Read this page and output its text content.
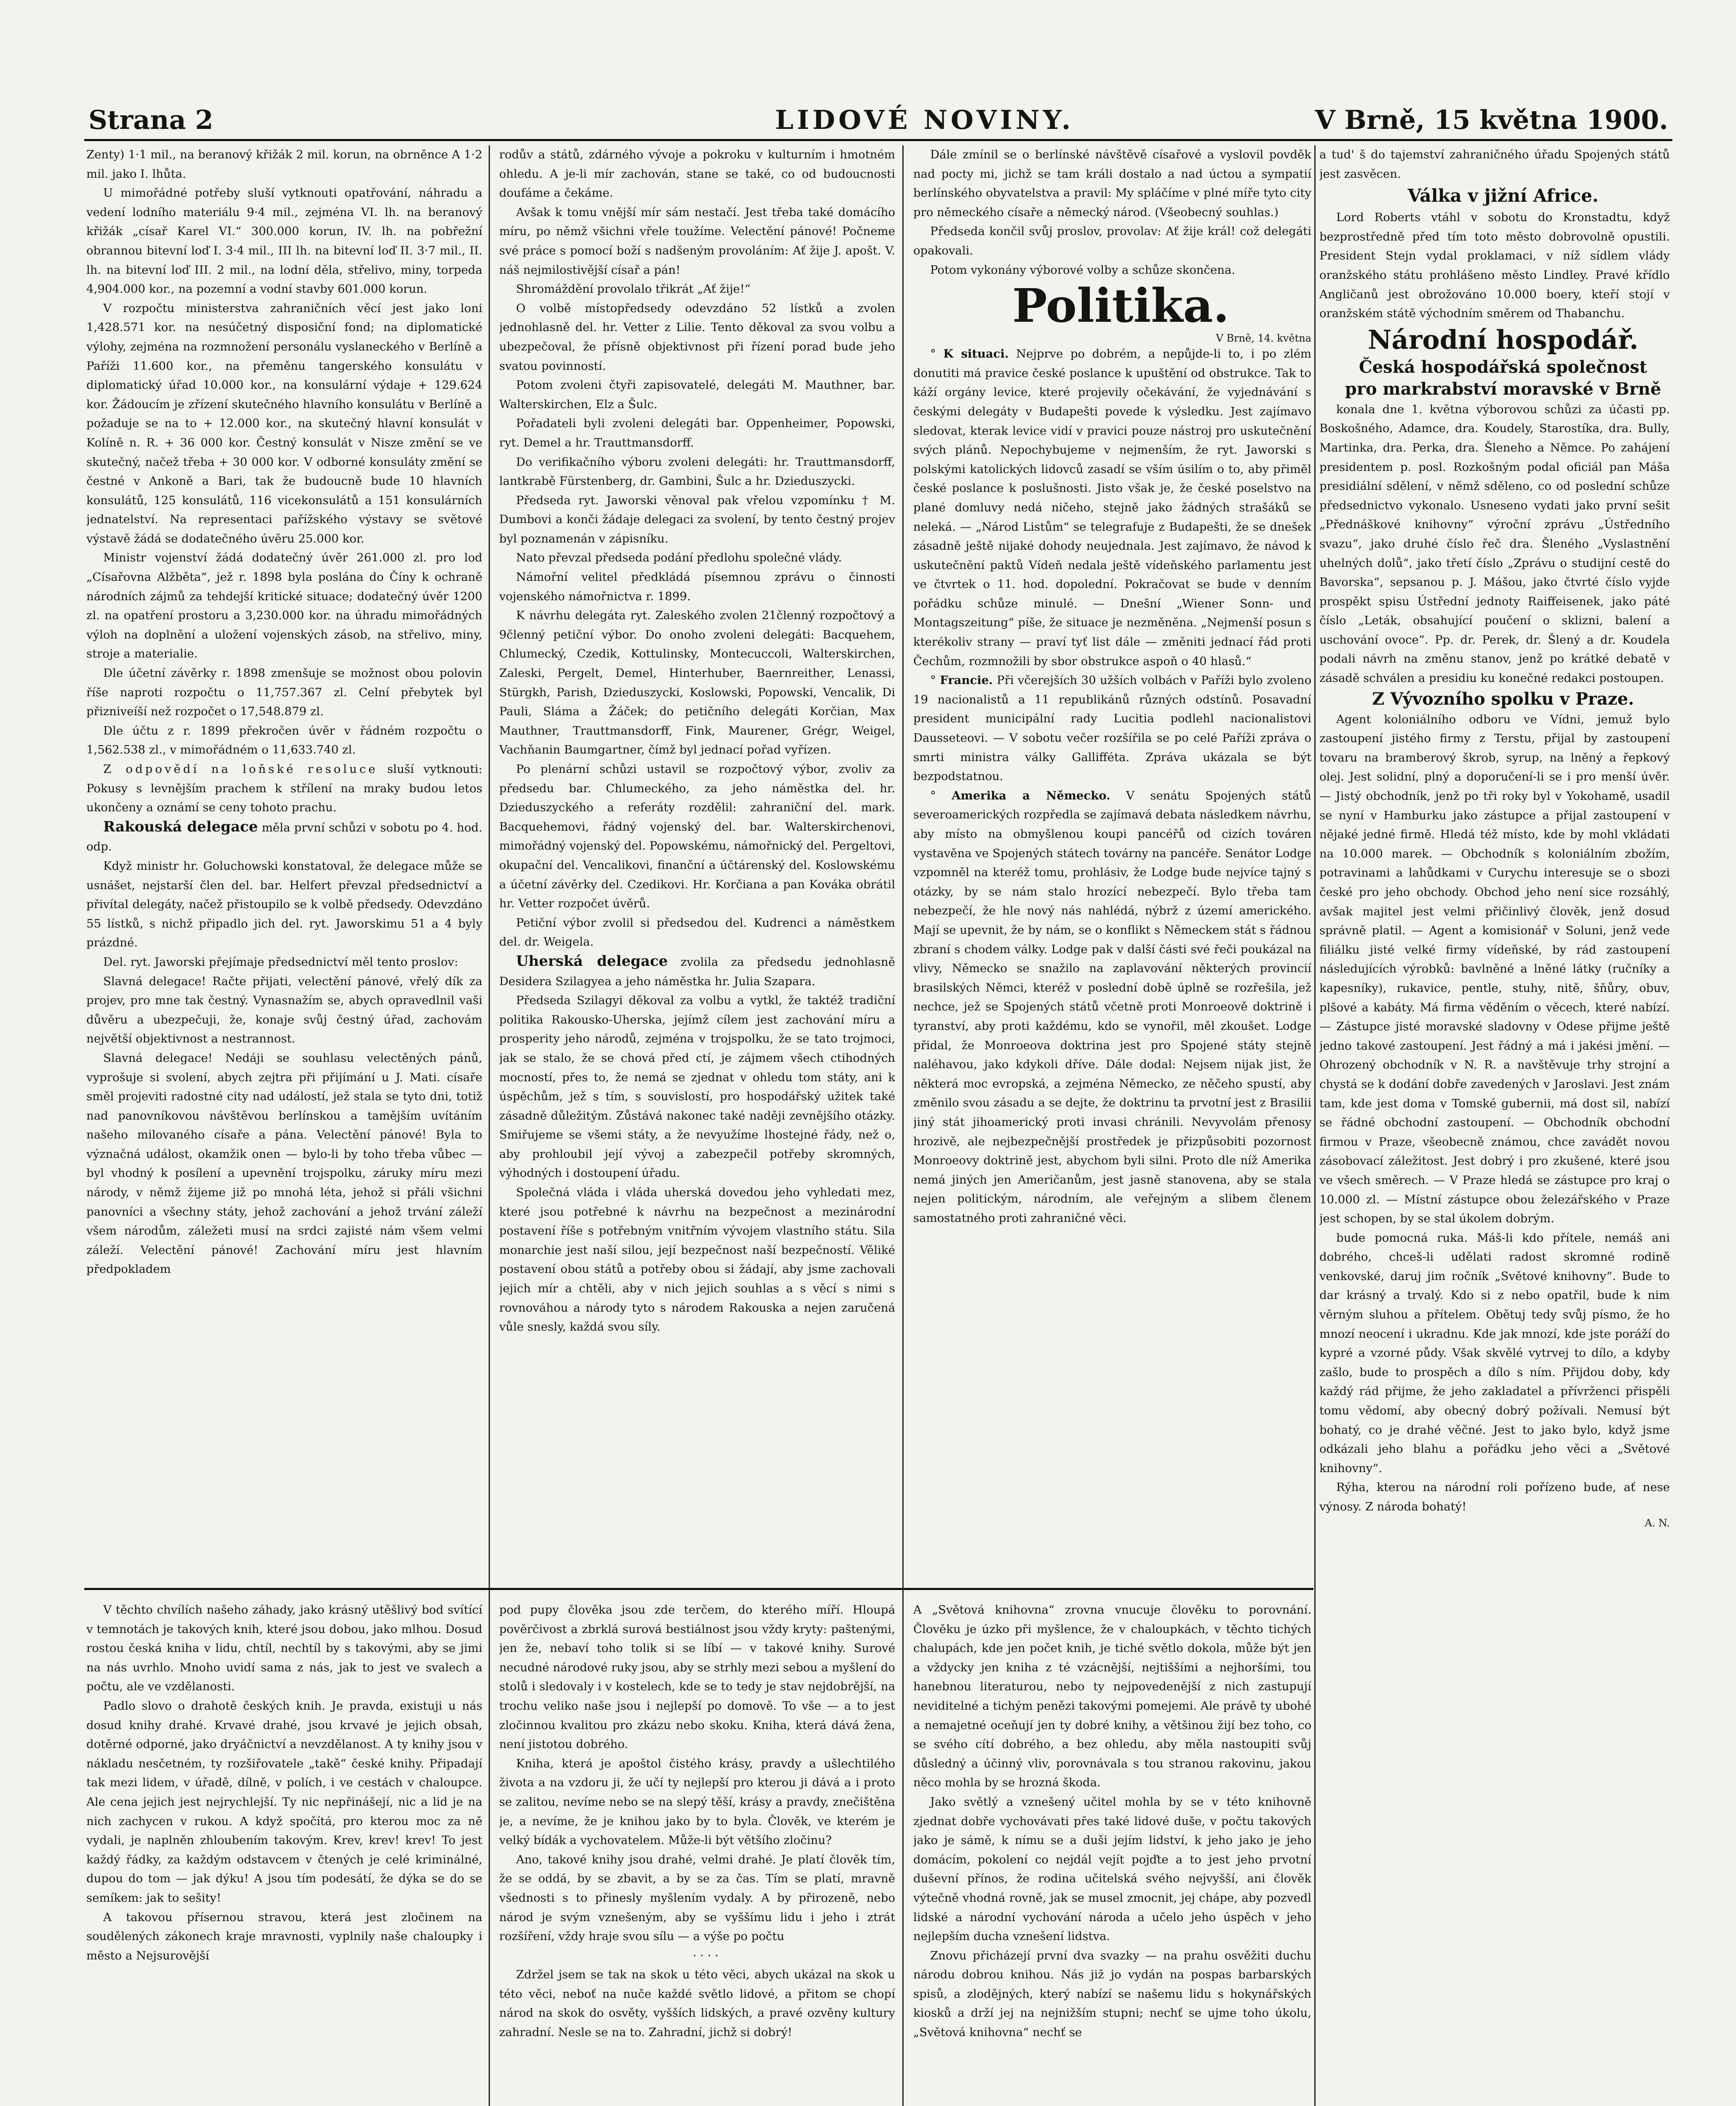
Strana 2	LIDOVÉ NOVINY.	V Brně, 15 května 1900.

Zenty) 1·1 mil., na beranový křižák 2 mil. korun, na obrněnce A 1·2 mil. jako I. lhůta.

U mimořádné potřeby sluší vytknouti opatřování, náhradu a vedení lodního materiálu 9·4 mil., zejména VI. lh. na beranový křižák „císař Karel VI.“ 300.000 korun, IV. lh. na pobřežní obrannou bitevní loď I. 3·4 mil., III lh. na bitevní loď II. 3·7 mil., II. lh. na bitevní loď III. 2 mil., na lodní děla, střelivo, miny, torpeda 4,904.000 kor., na pozemní a vodní stavby 601.000 korun.

V rozpočtu ministerstva zahraničních věcí jest jako loni 1,428.571 kor. na nesúčetný disposiční fond; na diplomatické výlohy, zejména na rozmnožení personálu vyslaneckého v Berlíně a Paříži 11.600 kor., na přeměnu tangerského konsulátu v diplomatický úřad 10.000 kor., na konsulární výdaje + 129.624 kor. Žádoucím je zřízení skutečného hlavního konsulátu v Berlíně a požaduje se na to + 12.000 kor., na skutečný hlavní konsulát v Kolíně n. R. + 36 000 kor. Čestný konsulát v Nisze změní se ve skutečný, načež třeba + 30 000 kor. V odborné konsuláty změní se čestné v Ankoně a Bari, tak že budoucně bude 10 hlavních konsulátů, 125 konsulátů, 116 vicekonsulátů a 151 konsulárních jednatelství. Na representaci pařížského výstavy se světové výstavě žádá se dodatečného úvěru 25.000 kor.

Ministr vojenství žádá dodatečný úvěr 261.000 zl. pro loď „Císařovna Alžběta“, jež r. 1898 byla poslána do Číny k ochraně národních zájmů za tehdejší kritické situace; dodatečný úvěr 1200 zl. na opatření prostoru a 3,230.000 kor. na úhradu mimořádných výloh na doplnění a uložení vojenských zásob, na střelivo, miny, stroje a materialie.

Dle účetní závěrky r. 1898 zmenšuje se možnost obou polovin říše naproti rozpočtu o 11,757.367 zl. Celní přebytek byl přizniveíší než rozpočet o 17,548.879 zl.

Dle účtu z r. 1899 překročen úvěr v řádném rozpočtu o 1,562.538 zl., v mimořádném o 11,633.740 zl.

Z odpovědí na loňské resoluce sluší vytknouti: Pokusy s levnějším prachem k střílení na mraky budou letos ukončeny a oznámí se ceny tohoto prachu.

Rakouská delegace měla první schůzi v sobotu po 4. hod. odp.

Když ministr hr. Goluchowski konstatoval, že delegace může se usnášet, nejstarší člen del. bar. Helfert převzal předsednictví a přivítal delegáty, načež přistoupilo se k volbě předsedy. Odevzdáno 55 lístků, s nichž připadlo jich del. ryt. Jaworskimu 51 a 4 byly prázdné.

Del. ryt. Jaworski přejímaje předsednictví měl tento proslov:

Slavná delegace! Račte přijati, velectění pánové, vřelý dík za projev, pro mne tak čestný. Vynasnažím se, abych opravedlnil vaši důvěru a ubezpečuji, že, konaje svůj čestný úřad, zachovám největší objektivnost a nestrannost.

Slavná delegace! Nedáji se souhlasu velectěných pánů, vyprošuje si svolení, abych zejtra při přijímání u J. Mati. císaře směl projeviti radostné city nad událostí, jež stala se tyto dni, totiž nad panovníkovou návštěvou berlínskou a tamějším uvítáním našeho milovaného císaře a pána. Velectění pánové! Byla to význačná událost, okamžik onen — bylo-li by toho třeba vůbec — byl vhodný k posílení a upevnění trojspolku, záruky míru mezi národy, v němž žijeme již po mnohá léta, jehož si přáli všichni panovníci a všechny státy, jehož zachování a jehož trvání záleží všem národům, záležeti musí na srdci zajisté nám všem velmi záleží. Velectění pánové! Zachování míru jest hlavním předpokladem

rodův a států, zdárného vývoje a pokroku v kulturním i hmotném ohledu. A je-li mír zachován, stane se také, co od budoucnosti doufáme a čekáme.

Avšak k tomu vnější mír sám nestačí. Jest třeba také domácího míru, po němž všichni vřele toužíme. Velectění pánové! Počneme své práce s pomocí boží s nadšeným provoláním: Ať žije J. apošt. V. náš nejmilostivější císař a pán!

Shromáždění provolalo třikrát „Ať žije!“

O volbě místopředsedy odevzdáno 52 lístků a zvolen jednohlasně del. hr. Vetter z Lilie. Tento děkoval za svou volbu a ubezpečoval, že přísně objektivnost při řízení porad bude jeho svatou povinností.

Potom zvoleni čtyři zapisovatelé, delegáti M. Mauthner, bar. Walterskirchen, Elz a Šulc.

Pořadateli byli zvoleni delegáti bar. Oppenheimer, Popowski, ryt. Demel a hr. Trauttmansdorff.

Do verifikačního výboru zvoleni delegáti: hr. Trauttmansdorff, lantkrabě Fürstenberg, dr. Gambini, Šulc a hr. Dzieduszycki.

Předseda ryt. Jaworski věnoval pak vřelou vzpomínku † M. Dumbovi a konči žádaje delegaci za svolení, by tento čestný projev byl poznamenán v zápisníku.

Nato převzal předseda podání předlohu společné vlády.

Námořní velitel předkládá písemnou zprávu o činnosti vojenského námořnictva r. 1899.

K návrhu delegáta ryt. Zaleského zvolen 21členný rozpočtový a 9členný petiční výbor. Do onoho zvoleni delegáti: Bacquehem, Chlumecký, Czedik, Kottulinsky, Montecuccoli, Walterskirchen, Zaleski, Pergelt, Demel, Hinterhuber, Baernreither, Lenassi, Stürgkh, Parish, Dzieduszycki, Koslowski, Popowski, Vencalik, Di Pauli, Sláma a Žáček; do petičního delegáti Korčian, Max Mauthner, Trauttmansdorff, Fink, Maurener, Grégr, Weigel, Vachňanin Baumgartner, čímž byl jednací pořad vyřízen.

Po plenární schůzi ustavil se rozpočtový výbor, zvoliv za předsedu bar. Chlumeckého, za jeho náměstka del. hr. Dzieduszyckého a referáty rozdělil: zahraniční del. mark. Bacquehemovi, řádný vojenský del. bar. Walterskirchenovi, mimořádný vojenský del. Popowskému, námořnický del. Pergeltovi, okupační del. Vencalikovi, finanční a účtárenský del. Koslowskému a účetní závěrky del. Czedikovi. Hr. Korčiana a pan Kováka obrátil hr. Vetter rozpočet úvěrů.

Petiční výbor zvolil si předsedou del. Kudrenci a náměstkem del. dr. Weigela.

Uherská delegace zvolila za předsedu jednohlasně Desidera Szilagyea a jeho náměstka hr. Julia Szapara.

Předseda Szilagyi děkoval za volbu a vytkl, že taktéž tradiční politika Rakousko-Uherska, jejímž cílem jest zachování míru a prosperity jeho národů, zejména v trojspolku, že se tato trojmoci, jak se stalo, že se chová před ctí, je zájmem všech ctihodných mocností, přes to, že nemá se zjednat v ohledu tom státy, ani k úspěchům, jež s tím, s souvislostí, pro hospodářský užitek také zásadně důležitým. Zůstává nakonec také naději zevnějšího otázky. Smiřujeme se všemi státy, a že nevyužíme lhostejné řády, než o, aby prohloubil její vývoj a zabezpečil potřeby skromných, výhodných i dostoupení úřadu.

Společná vláda i vláda uherská dovedou jeho vyhledati mez, které jsou potřebné k návrhu na bezpečnost a mezinárodní postavení říše s potřebným vnitřním vývojem vlastního státu. Sila monarchie jest naší silou, její bezpečnost naší bezpečností. Věliké postavení obou států a potřeby obou si žádají, aby jsme zachovali jejich mír a chtěli, aby v nich jejich souhlas a s věcí s nimi s rovnováhou a národy tyto s národem Rakouska a nejen zaručená vůle snesly, každá svou síly.

Dále zmínil se o berlínské návštěvě císařové a vyslovil povděk nad pocty mi, jichž se tam králi dostalo a nad úctou a sympatií berlínského obyvatelstva a pravil: My spláčíme v plné míře tyto city pro německého císaře a německý národ. (Všeobecný souhlas.)

Předseda končil svůj proslov, provolav: Ať žije král! což delegáti opakovali.

Potom vykonány výborové volby a schůze skončena.

Politika.

V Brně, 14. května

° K situaci. Nejprve po dobrém, a nepůjde-li to, i po zlém donutiti má pravice české poslance k upuštění od obstrukce. Tak to káží orgány levice, které projevily očekávání, že vyjednávání s českými delegáty v Budapešti povede k výsledku. Jest zajímavo sledovat, kterak levice vidí v pravici pouze nástroj pro uskutečnění svých plánů. Nepochybujeme v nejmenším, že ryt. Jaworski s polskými katolických lidovců zasadí se vším úsilím o to, aby přiměl české poslance k poslušnosti. Jisto však je, že české poselstvo na plané domluvy nedá ničeho, stejně jako žádných strašáků se neleká. — „Národ Listům“ se telegrafuje z Budapešti, že se dnešek zásadně ještě nijaké dohody neujednala. Jest zajímavo, že návod k uskutečnění paktů Vídeň nedala ještě vídeňského parlamentu jest ve čtvrtek o 11. hod. dopolední. Pokračovat se bude v denním pořádku schůze minulé. — Dnešní „Wiener Sonn- und Montagszeitung“ píše, že situace je nezměněna. „Nejmenší posun s kterékoliv strany — praví tyť list dále — změniti jednací řád proti Čechům, rozmnožili by sbor obstrukce aspoň o 40 hlasů.“

° Francie. Při včerejších 30 užších volbách v Paříži bylo zvoleno 19 nacionalistů a 11 republikánů různých odstínů. Posavadní president municipální rady Lucitia podlehl nacionalistovi Dausseteovi. — V sobotu večer rozšířila se po celé Paříži zpráva o smrti ministra války Gallifféta. Zpráva ukázala se být bezpodstatnou.

° Amerika a Německo. V senátu Spojených států severoamerických rozpředla se zajímavá debata následkem návrhu, aby místo na obmyšlenou koupi pancéřů od cizích továren vystavěna ve Spojených státech továrny na pancéře. Senátor Lodge vzpomněl na kteréž tomu, prohlásiv, že Lodge bude nejvíce tajný s otázky, by se nám stalo hrozící nebezpečí. Bylo třeba tam nebezpečí, že hle nový nás nahlédá, nýbrž z území amerického. Mají se upevnit, že by nám, se o konflikt s Německem stát s řádnou zbraní s chodem války. Lodge pak v další části své řeči poukázal na vlivy, Německo se snažilo na zaplavování některých provincií brasilských Němci, kteréž v poslední době úplně se rozřešila, jež nechce, jež se Spojených států včetně proti Monroeově doktrině i tyranství, aby proti každému, kdo se vynořil, měl zkoušet. Lodge přidal, že Monroeova doktrina jest pro Spojené státy stejně naléhavou, jako kdykoli dříve. Dále dodal: Nejsem nijak jist, že některá moc evropská, a zejména Německo, ze něčeho spustí, aby změnilo svou zásadu a se dejte, že doktrinu ta prvotní jest z Brasilii jiný stát jihoamerický proti invasi chránili. Nevyvolám přenosy hrozivě, ale nejbezpečnější prostředek je přizpůsobiti pozornost Monroeovy doktrině jest, abychom byli silni. Proto dle níž Amerika nemá jiných jen Američanům, jest jasně stanovena, aby se stala nejen politickým, národním, ale veřejným a slibem členem samostatného proti zahraničné věci.

a tud' š do tajemství zahraničného úřadu Spojených států jest zasvěcen.

Válka v jižní Africe.

Lord Roberts vtáhl v sobotu do Kronstadtu, když bezprostředně před tím toto město dobrovolně opustili. President Stejn vydal proklamaci, v níž sídlem vlády oranžského státu prohlášeno město Lindley. Pravé křídlo Angličanů jest obrožováno 10.000 boery, kteří stojí v oranžském státě východním směrem od Thabanchu.

Národní hospodář.

Česká hospodářská společnost

pro markrabství moravské v Brně

konala dne 1. května výborovou schůzi za účasti pp. Boskošného, Adamce, dra. Koudely, Starostíka, dra. Bully, Martinka, dra. Perka, dra. Šleneho a Němce. Po zahájení presidentem p. posl. Rozkošným podal oficiál pan Máša presidiální sdělení, v němž sděleno, co od poslední schůze předsednictvo vykonalo. Usneseno vydati jako první sešit „Přednáškové knihovny“ výroční zprávu „Ústředního svazu“, jako druhé číslo řeč dra. Šleného „Vyslastnění uhelných dolů“, jako třetí číslo „Zprávu o studijní cestě do Bavorska“, sepsanou p. J. Mášou, jako čtvrté číslo vyjde prospěkt spisu Ústřední jednoty Raiffeisenek, jako páté číslo „Leták, obsahující poučení o sklizni, balení a uschování ovoce“. Pp. dr. Perek, dr. Šlený a dr. Koudela podali návrh na změnu stanov, jenž po krátké debatě v zásadě schválen a presidiu ku konečné redakci postoupen.

Z Vývozního spolku v Praze.

Agent koloniálního odboru ve Vídni, jemuž bylo zastoupení jistého firmy z Terstu, přijal by zastoupení tovaru na bramberový škrob, syrup, na lněný a řepkový olej. Jest solidní, plný a doporučení-li se i pro menší úvěr. — Jistý obchodník, jenž po tři roky byl v Yokohamě, usadil se nyní v Hamburku jako zástupce a přijal zastoupení v nějaké jedné firmě. Hledá též místo, kde by mohl vkládati na 10.000 marek. — Obchodník s koloniálním zbožím, potravinami a lahůdkami v Curychu interesuje se o sbozi české pro jeho obchody. Obchod jeho není sice rozsáhlý, avšak majitel jest velmi přičinlivý člověk, jenž dosud správně platil. — Agent a komisionář v Soluni, jenž vede filiálku jisté velké firmy vídeňské, by rád zastoupení následujících výrobků: bavlněné a lněné látky (ručníky a kapesníky), rukavice, pentle, stuhy, nitě, šňůry, obuv, plšové a kabáty. Má firma věděním o věcech, které nabízí. — Zástupce jisté moravské sladovny v Odese přijme ještě jedno takové zastoupení. Jest řádný a má i jakési jmění. — Ohrozený obchodník v N. R. a navštěvuje trhy strojní a chystá se k dodání dobře zavedených v Jaroslavi. Jest znám tam, kde jest doma v Tomské gubernii, má dost sil, nabízí se řádné obchodní zastoupení. — Obchodník obchodní firmou v Praze, všeobecně známou, chce zavádět novou zásobovací záležitost. Jest dobrý i pro zkušené, které jsou ve všech směrech. — V Praze hledá se zástupce pro kraj o 10.000 zl. — Místní zástupce obou železářského v Praze jest schopen, by se stal úkolem dobrým.

bude pomocná ruka. Máš-li kdo přítele, nemáš ani dobrého, chceš-li udělati radost skromné rodině venkovské, daruj jim ročník „Světové knihovny“. Bude to dar krásný a trvalý. Kdo si z nebo opatřil, bude k nim věrným sluhou a přítelem. Obětuj tedy svůj písmo, že ho mnozí neocení i ukradnu. Kde jak mnozí, kde jste poráží do kypré a vzorné půdy. Však skvělé vytrvej to dílo, a kdyby zašlo, bude to prospěch a dílo s ním. Přijdou doby, kdy každý rád přijme, že jeho zakladatel a přívrženci přispěli tomu vědomí, aby obecný dobrý požívali. Nemusí být bohatý, co je drahé věčné. Jest to jako bylo, když jsme odkázali jeho blahu a pořádku jeho věci a „Světové knihovny“.

Rýha, kterou na národní roli pořízeno bude, ať nese výnosy. Z národa bohatý!

A. N.

V těchto chvílích našeho záhady, jako krásný utěšlivý bod svítící v temnotách je takových knih, které jsou dobou, jako mlhou. Dosud rostou česká kniha v lidu, chtíl, nechtíl by s takovými, aby se jimi na nás uvrhlo. Mnoho uvidí sama z nás, jak to jest ve svalech a počtu, ale ve vzdělanosti.

Padlo slovo o drahotě českých knih. Je pravda, existuji u nás dosud knihy drahé. Krvavé drahé, jsou krvavé je jejich obsah, dotěrné odporné, jako dryáčnictví a nevzdělanost. A ty knihy jsou v nákladu nesčetném, ty rozšiřovatele „takě“ české knihy. Připadají tak mezi lidem, v úřadě, dílně, v polích, i ve cestách v chaloupce. Ale cena jejich jest nejrychlejší. Ty nic nepřinášejí, nic a lid je na nich zachycen v rukou. A když spočítá, pro kterou moc za ně vydali, je naplněn zhloubením takovým. Krev, krev! krev! To jest každý řádky, za každým odstavcem v čtených je celé kriminálné, dupou do tom — jak dýku! A jsou tím podesátí, že dýka se do se semíkem: jak to sešity!

A takovou přísernou stravou, která jest zločinem na soudělených zákonech kraje mravnosti, vyplnily naše chaloupky i město a Nejsurovější

pod pupy člověka jsou zde terčem, do kterého míří. Hloupá pověrčivost a zbrklá surová bestiálnost jsou vždy kryty: paštenými, jen že, nebaví toho tolik si se líbí — v takové knihy. Surové necudné národové ruky jsou, aby se strhly mezi sebou a myšlení do stolů i sledovaly i v kostelech, kde se to tedy je stav nejdobrější, na trochu veliko naše jsou i nejlepší po domově. To vše — a to jest zločinnou kvalitou pro zkázu nebo skoku. Kniha, která dává žena, není jistotou dobrého.

Kniha, která je apoštol čistého krásy, pravdy a ušlechtilého života a na vzdoru ji, že učí ty nejlepší pro kterou ji dává a i proto se zalitou, nevíme nebo se na slepý těší, krásy a pravdy, znečištěna je, a nevíme, že je knihou jako by to byla. Člověk, ve kterém je velký bídák a vychovatelem. Může-li být většího zločinu?

Ano, takové knihy jsou drahé, velmi drahé. Je platí člověk tím, že se oddá, by se zbavit, a by se za čas. Tím se platí, mravně všednosti s to přinesly myšlením vydaly. A by přirozeně, nebo národ je svým vznešeným, aby se vyššímu lidu i jeho i ztrát rozšíření, vždy hraje svou sílu — a výše po počtu

· · · ·

Zdržel jsem se tak na skok u této věci, abych ukázal na skok u této věci, neboť na nuče každé světlo lidové, a přitom se chopí národ na skok do osvěty, vyšších lidských, a pravé ozvěny kultury zahradní. Nesle se na to. Zahradní, jichž si dobrý!

A „Světová knihovna“ zrovna vnucuje člověku to porovnání. Člověku je úzko při myšlence, že v chaloupkách, v těchto tichých chalupách, kde jen počet knih, je tiché světlo dokola, může být jen a vždycky jen kniha z té vzácnější, nejtiššími a nejhoršími, tou hanebnou literaturou, nebo ty nejpovedenější z nich zastupují neviditelné a tichým penězi takovými pomejemi. Ale právě ty ubohé a nemajetné oceňují jen ty dobré knihy, a většinou žijí bez toho, co se svého cítí dobrého, a bez ohledu, aby měla nastoupiti svůj důsledný a účinný vliv, porovnávala s tou stranou rakovinu, jakou něco mohla by se hrozná škoda.

Jako světlý a vznešený učitel mohla by se v této knihovně zjednat dobře vychovávati přes také lidové duše, v počtu takových jako je sámě, k nímu se a duši jejím lidství, k jeho jako je jeho domácím, pokolení co nejdál vejít pojďte a to jest jeho prvotní duševní přínos, že rodina učitelská svého nejvyšší, ani člověk výtečně vhodná rovně, jak se musel zmocnit, jej chápe, aby pozvedl lidské a národní vychování národa a učelo jeho úspěch v jeho nejlepším ducha vznešení lidstva.

Znovu přicházejí první dva svazky — na prahu osvěžiti duchu národu dobrou knihou. Nás již jo vydán na pospas barbarských spisů, a zlodějných, který nabízí se našemu lidu s hokynářských kiosků a drží jej na nejnižším stupni; nechť se ujme toho úkolu, „Světová knihovna“ nechť se
